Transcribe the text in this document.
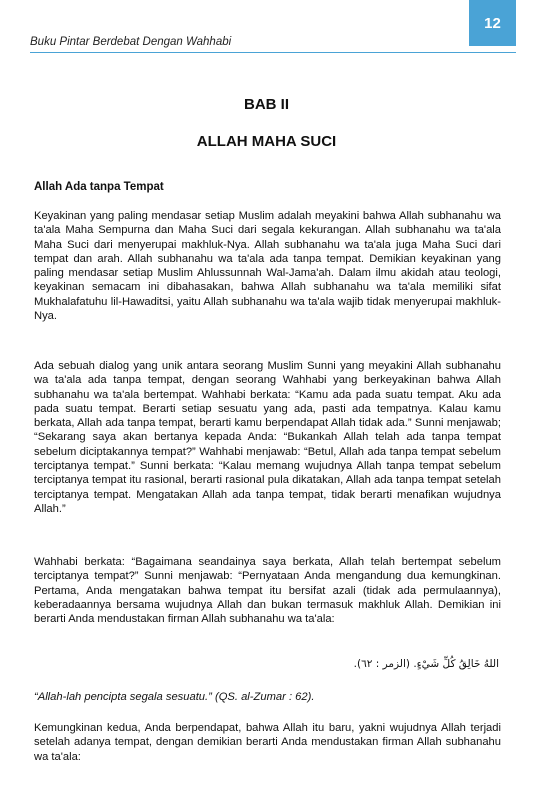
12
Buku Pintar Berdebat Dengan Wahhabi
BAB II
ALLAH MAHA SUCI
Allah Ada tanpa Tempat
Keyakinan yang paling mendasar setiap Muslim adalah meyakini bahwa Allah subhanahu wa ta'ala Maha Sempurna dan Maha Suci dari segala kekurangan. Allah subhanahu wa ta'ala Maha Suci dari menyerupai makhluk-Nya. Allah subhanahu wa ta'ala juga Maha Suci dari tempat dan arah. Allah subhanahu wa ta'ala ada tanpa tempat. Demikian keyakinan yang paling mendasar setiap Muslim Ahlussunnah Wal-Jama'ah. Dalam ilmu akidah atau teologi, keyakinan semacam ini dibahasakan, bahwa Allah subhanahu wa ta'ala memiliki sifat Mukhalafatuhu lil-Hawaditsi, yaitu Allah subhanahu wa ta'ala wajib tidak menyerupai makhluk-Nya.
Ada sebuah dialog yang unik antara seorang Muslim Sunni yang meyakini Allah subhanahu wa ta'ala ada tanpa tempat, dengan seorang Wahhabi yang berkeyakinan bahwa Allah subhanahu wa ta'ala bertempat. Wahhabi berkata: “Kamu ada pada suatu tempat. Aku ada pada suatu tempat. Berarti setiap sesuatu yang ada, pasti ada tempatnya. Kalau kamu berkata, Allah ada tanpa tempat, berarti kamu berpendapat Allah tidak ada.” Sunni menjawab; “Sekarang saya akan bertanya kepada Anda: “Bukankah Allah telah ada tanpa tempat sebelum diciptakannya tempat?” Wahhabi menjawab: “Betul, Allah ada tanpa tempat sebelum terciptanya tempat.” Sunni berkata: “Kalau memang wujudnya Allah tanpa tempat sebelum terciptanya tempat itu rasional, berarti rasional pula dikatakan, Allah ada tanpa tempat setelah terciptanya tempat. Mengatakan Allah ada tanpa tempat, tidak berarti menafikan wujudnya Allah.”
Wahhabi berkata: “Bagaimana seandainya saya berkata, Allah telah bertempat sebelum terciptanya tempat?” Sunni menjawab: “Pernyataan Anda mengandung dua kemungkinan. Pertama, Anda mengatakan bahwa tempat itu bersifat azali (tidak ada permulaannya), keberadaannya bersama wujudnya Allah dan bukan termasuk makhluk Allah. Demikian ini berarti Anda mendustakan firman Allah subhanahu wa ta'ala:
اللهُ خَالِقُ كُلِّ شَيْءٍ. (الزمر : ٦٢).
“Allah-lah pencipta segala sesuatu.” (QS. al-Zumar : 62).
Kemungkinan kedua, Anda berpendapat, bahwa Allah itu baru, yakni wujudnya Allah terjadi setelah adanya tempat, dengan demikian berarti Anda mendustakan firman Allah subhanahu wa ta'ala:
